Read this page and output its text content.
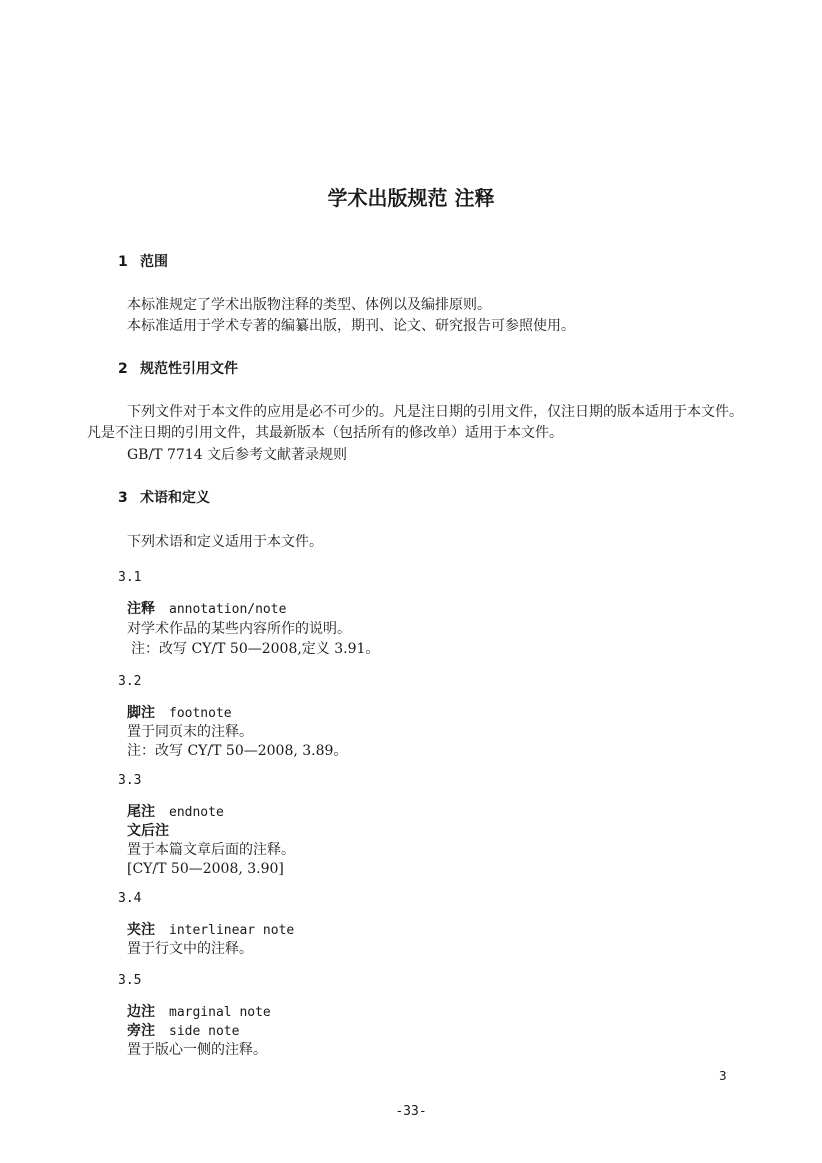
学术出版规范 注释
1 范围
本标准规定了学术出版物注释的类型、体例以及编排原则。
本标准适用于学术专著的编纂出版，期刊、论文、研究报告可参照使用。
2 规范性引用文件
下列文件对于本文件的应用是必不可少的。凡是注日期的引用文件，仅注日期的版本适用于本文件。
凡是不注日期的引用文件，其最新版本（包括所有的修改单）适用于本文件。
GB/T 7714 文后参考文献著录规则
3 术语和定义
下列术语和定义适用于本文件。
3.1
注释 annotation/note
对学术作品的某些内容所作的说明。
注：改写 CY/T 50—2008,定义 3.91。
3.2
脚注 footnote
置于同页末的注释。
注：改写 CY/T 50—2008, 3.89。
3.3
尾注 endnote
文后注
置于本篇文章后面的注释。
[CY/T 50—2008, 3.90]
3.4
夹注 interlinear note
置于行文中的注释。
3.5
边注 marginal note
旁注 side note
置于版心一侧的注释。
3
-33-
